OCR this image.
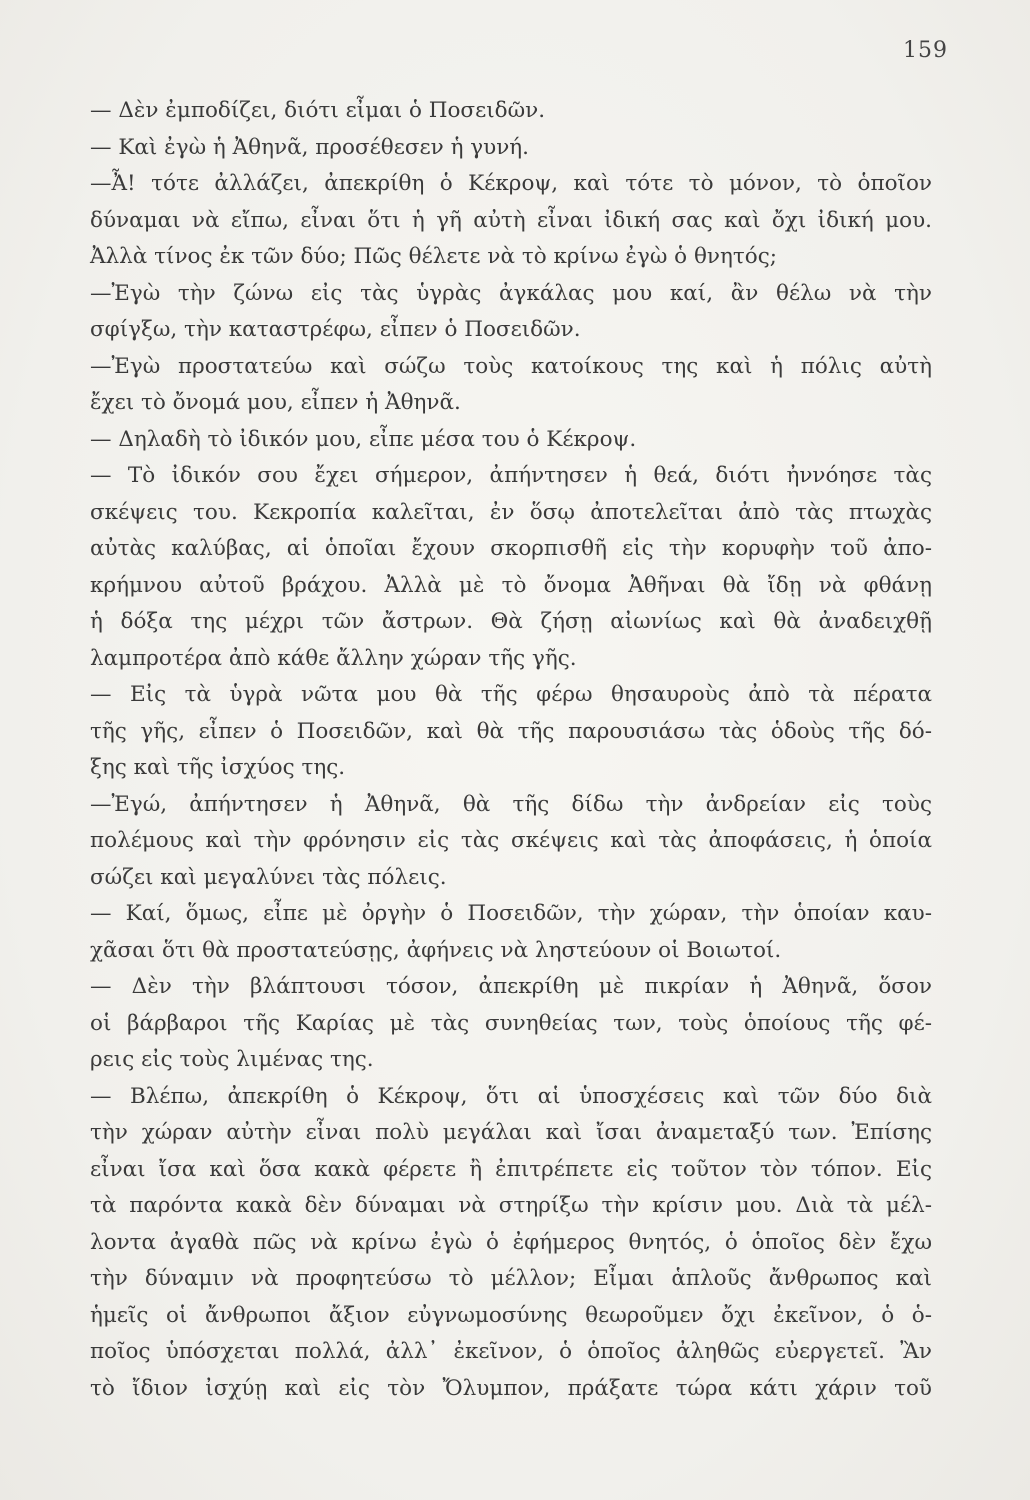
159
— Δὲν ἐμποδίζει, διότι εἶμαι ὁ Ποσειδῶν.
— Καὶ ἐγὼ ἡ Ἀθηνᾶ, προσέθεσεν ἡ γυνή.
—Ἆ! τότε ἀλλάζει, ἀπεκρίθη ὁ Κέκροψ, καὶ τότε τὸ μόνον, τὸ ὁποῖον
δύναμαι νὰ εἴπω, εἶναι ὅτι ἡ γῆ αὐτὴ εἶναι ἰδική σας καὶ ὄχι ἰδική μου.
Ἀλλὰ τίνος ἐκ τῶν δύο; Πῶς θέλετε νὰ τὸ κρίνω ἐγὼ ὁ θνητός;
—Ἐγὼ τὴν ζώνω εἰς τὰς ὑγρὰς ἀγκάλας μου καί, ἂν θέλω νὰ τὴν
σφίγξω, τὴν καταστρέφω, εἶπεν ὁ Ποσειδῶν.
—Ἐγὼ προστατεύω καὶ σώζω τοὺς κατοίκους της καὶ ἡ πόλις αὐτὴ
ἔχει τὸ ὄνομά μου, εἶπεν ἡ Ἀθηνᾶ.
— Δηλαδὴ τὸ ἰδικόν μου, εἶπε μέσα του ὁ Κέκροψ.
— Τὸ ἰδικόν σου ἔχει σήμερον, ἀπήντησεν ἡ θεά, διότι ἠννόησε τὰς
σκέψεις του. Κεκροπία καλεῖται, ἐν ὅσῳ ἀποτελεῖται ἀπὸ τὰς πτωχὰς
αὐτὰς καλύβας, αἱ ὁποῖαι ἔχουν σκορπισθῆ εἰς τὴν κορυφὴν τοῦ ἀπο-
κρήμνου αὐτοῦ βράχου. Ἀλλὰ μὲ τὸ ὄνομα Ἀθῆναι θὰ ἴδῃ νὰ φθάνῃ
ἡ δόξα της μέχρι τῶν ἄστρων. Θὰ ζήσῃ αἰωνίως καὶ θὰ ἀναδειχθῇ
λαμπροτέρα ἀπὸ κάθε ἄλλην χώραν τῆς γῆς.
— Εἰς τὰ ὑγρὰ νῶτα μου θὰ τῆς φέρω θησαυροὺς ἀπὸ τὰ πέρατα
τῆς γῆς, εἶπεν ὁ Ποσειδῶν, καὶ θὰ τῆς παρουσιάσω τὰς ὁδοὺς τῆς δό-
ξης καὶ τῆς ἰσχύος της.
—Ἐγώ, ἀπήντησεν ἡ Ἀθηνᾶ, θὰ τῆς δίδω τὴν ἀνδρείαν εἰς τοὺς
πολέμους καὶ τὴν φρόνησιν εἰς τὰς σκέψεις καὶ τὰς ἀποφάσεις, ἡ ὁποία
σώζει καὶ μεγαλύνει τὰς πόλεις.
— Καί, ὅμως, εἶπε μὲ ὀργὴν ὁ Ποσειδῶν, τὴν χώραν, τὴν ὁποίαν καυ-
χᾶσαι ὅτι θὰ προστατεύσῃς, ἀφήνεις νὰ ληστεύουν οἱ Βοιωτοί.
— Δὲν τὴν βλάπτουσι τόσον, ἀπεκρίθη μὲ πικρίαν ἡ Ἀθηνᾶ, ὅσον
οἱ βάρβαροι τῆς Καρίας μὲ τὰς συνηθείας των, τοὺς ὁποίους τῆς φέ-
ρεις εἰς τοὺς λιμένας της.
— Βλέπω, ἀπεκρίθη ὁ Κέκροψ, ὅτι αἱ ὑποσχέσεις καὶ τῶν δύο διὰ
τὴν χώραν αὐτὴν εἶναι πολὺ μεγάλαι καὶ ἴσαι ἀναμεταξύ των. Ἐπίσης
εἶναι ἴσα καὶ ὅσα κακὰ φέρετε ἢ ἐπιτρέπετε εἰς τοῦτον τὸν τόπον. Εἰς
τὰ παρόντα κακὰ δὲν δύναμαι νὰ στηρίξω τὴν κρίσιν μου. Διὰ τὰ μέλ-
λοντα ἀγαθὰ πῶς νὰ κρίνω ἐγὼ ὁ ἐφήμερος θνητός, ὁ ὁποῖος δὲν ἔχω
τὴν δύναμιν νὰ προφητεύσω τὸ μέλλον; Εἶμαι ἁπλοῦς ἄνθρωπος καὶ
ἡμεῖς οἱ ἄνθρωποι ἄξιον εὐγνωμοσύνης θεωροῦμεν ὄχι ἐκεῖνον, ὁ ὁ-
ποῖος ὑπόσχεται πολλά, ἀλλ᾽ ἐκεῖνον, ὁ ὁποῖος ἀληθῶς εὐεργετεῖ. Ἂν
τὸ ἴδιον ἰσχύῃ καὶ εἰς τὸν Ὄλυμπον, πράξατε τώρα κάτι χάριν τοῦ
